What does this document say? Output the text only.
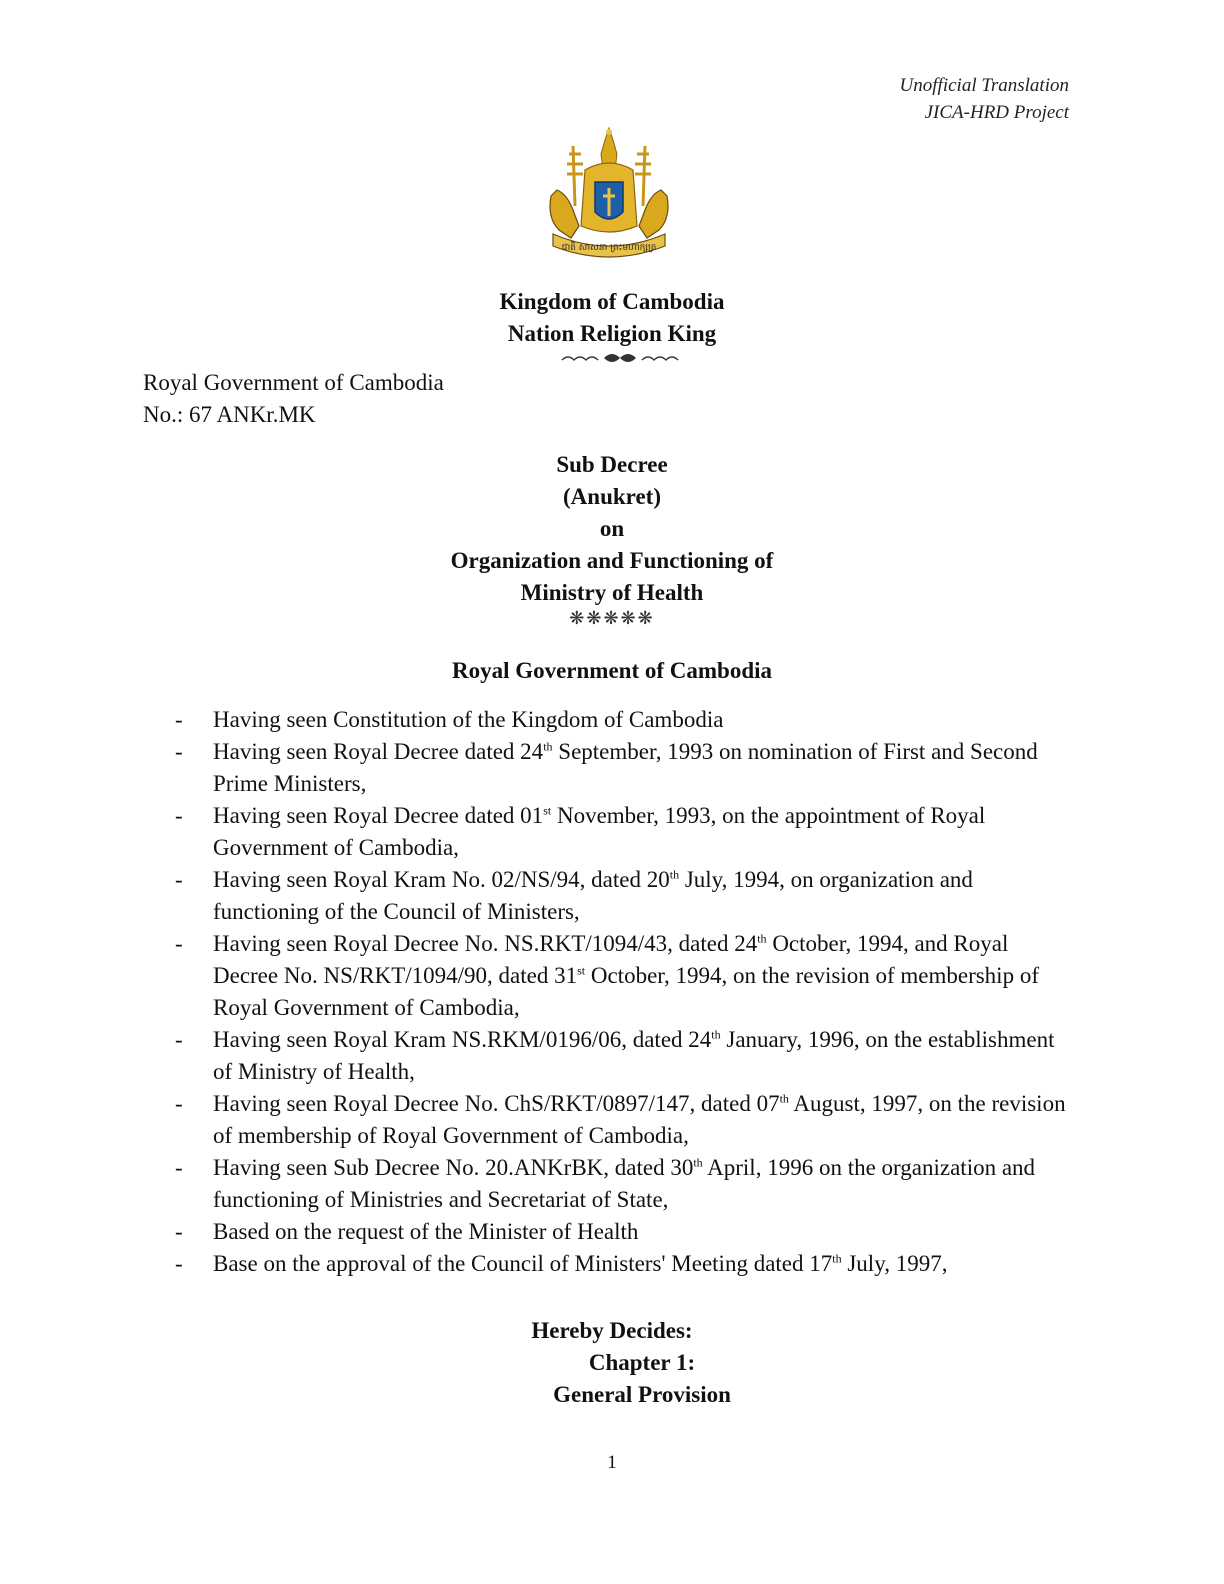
Unofficial Translation
JICA-HRD Project
ជាតិ សាសនា ព្រះមហាក្សត្រ
Kingdom of Cambodia
Nation Religion King
Royal Government of Cambodia
No.: 67 ANKr.MK
Sub Decree
(Anukret)
on
Organization and Functioning of
Ministry of Health
❋❋❋❋❋
Royal Government of Cambodia
- Having seen Constitution of the Kingdom of Cambodia
- Having seen Royal Decree dated 24th September, 1993 on nomination of First and Second Prime Ministers,
- Having seen Royal Decree dated 01st November, 1993, on the appointment of Royal Government of Cambodia,
- Having seen Royal Kram No. 02/NS/94, dated 20th July, 1994, on organization and functioning of the Council of Ministers,
- Having seen Royal Decree No. NS.RKT/1094/43, dated 24th October, 1994, and Royal Decree No. NS/RKT/1094/90, dated 31st October, 1994, on the revision of membership of Royal Government of Cambodia,
- Having seen Royal Kram NS.RKM/0196/06, dated 24th January, 1996, on the establishment of Ministry of Health,
- Having seen Royal Decree No. ChS/RKT/0897/147, dated 07th August, 1997, on the revision of membership of Royal Government of Cambodia,
- Having seen Sub Decree No. 20.ANKrBK, dated 30th April, 1996 on the organization and functioning of Ministries and Secretariat of State,
- Based on the request of the Minister of Health
- Base on the approval of the Council of Ministers' Meeting dated 17th July, 1997,
Hereby Decides:
Chapter 1:
General Provision
1
